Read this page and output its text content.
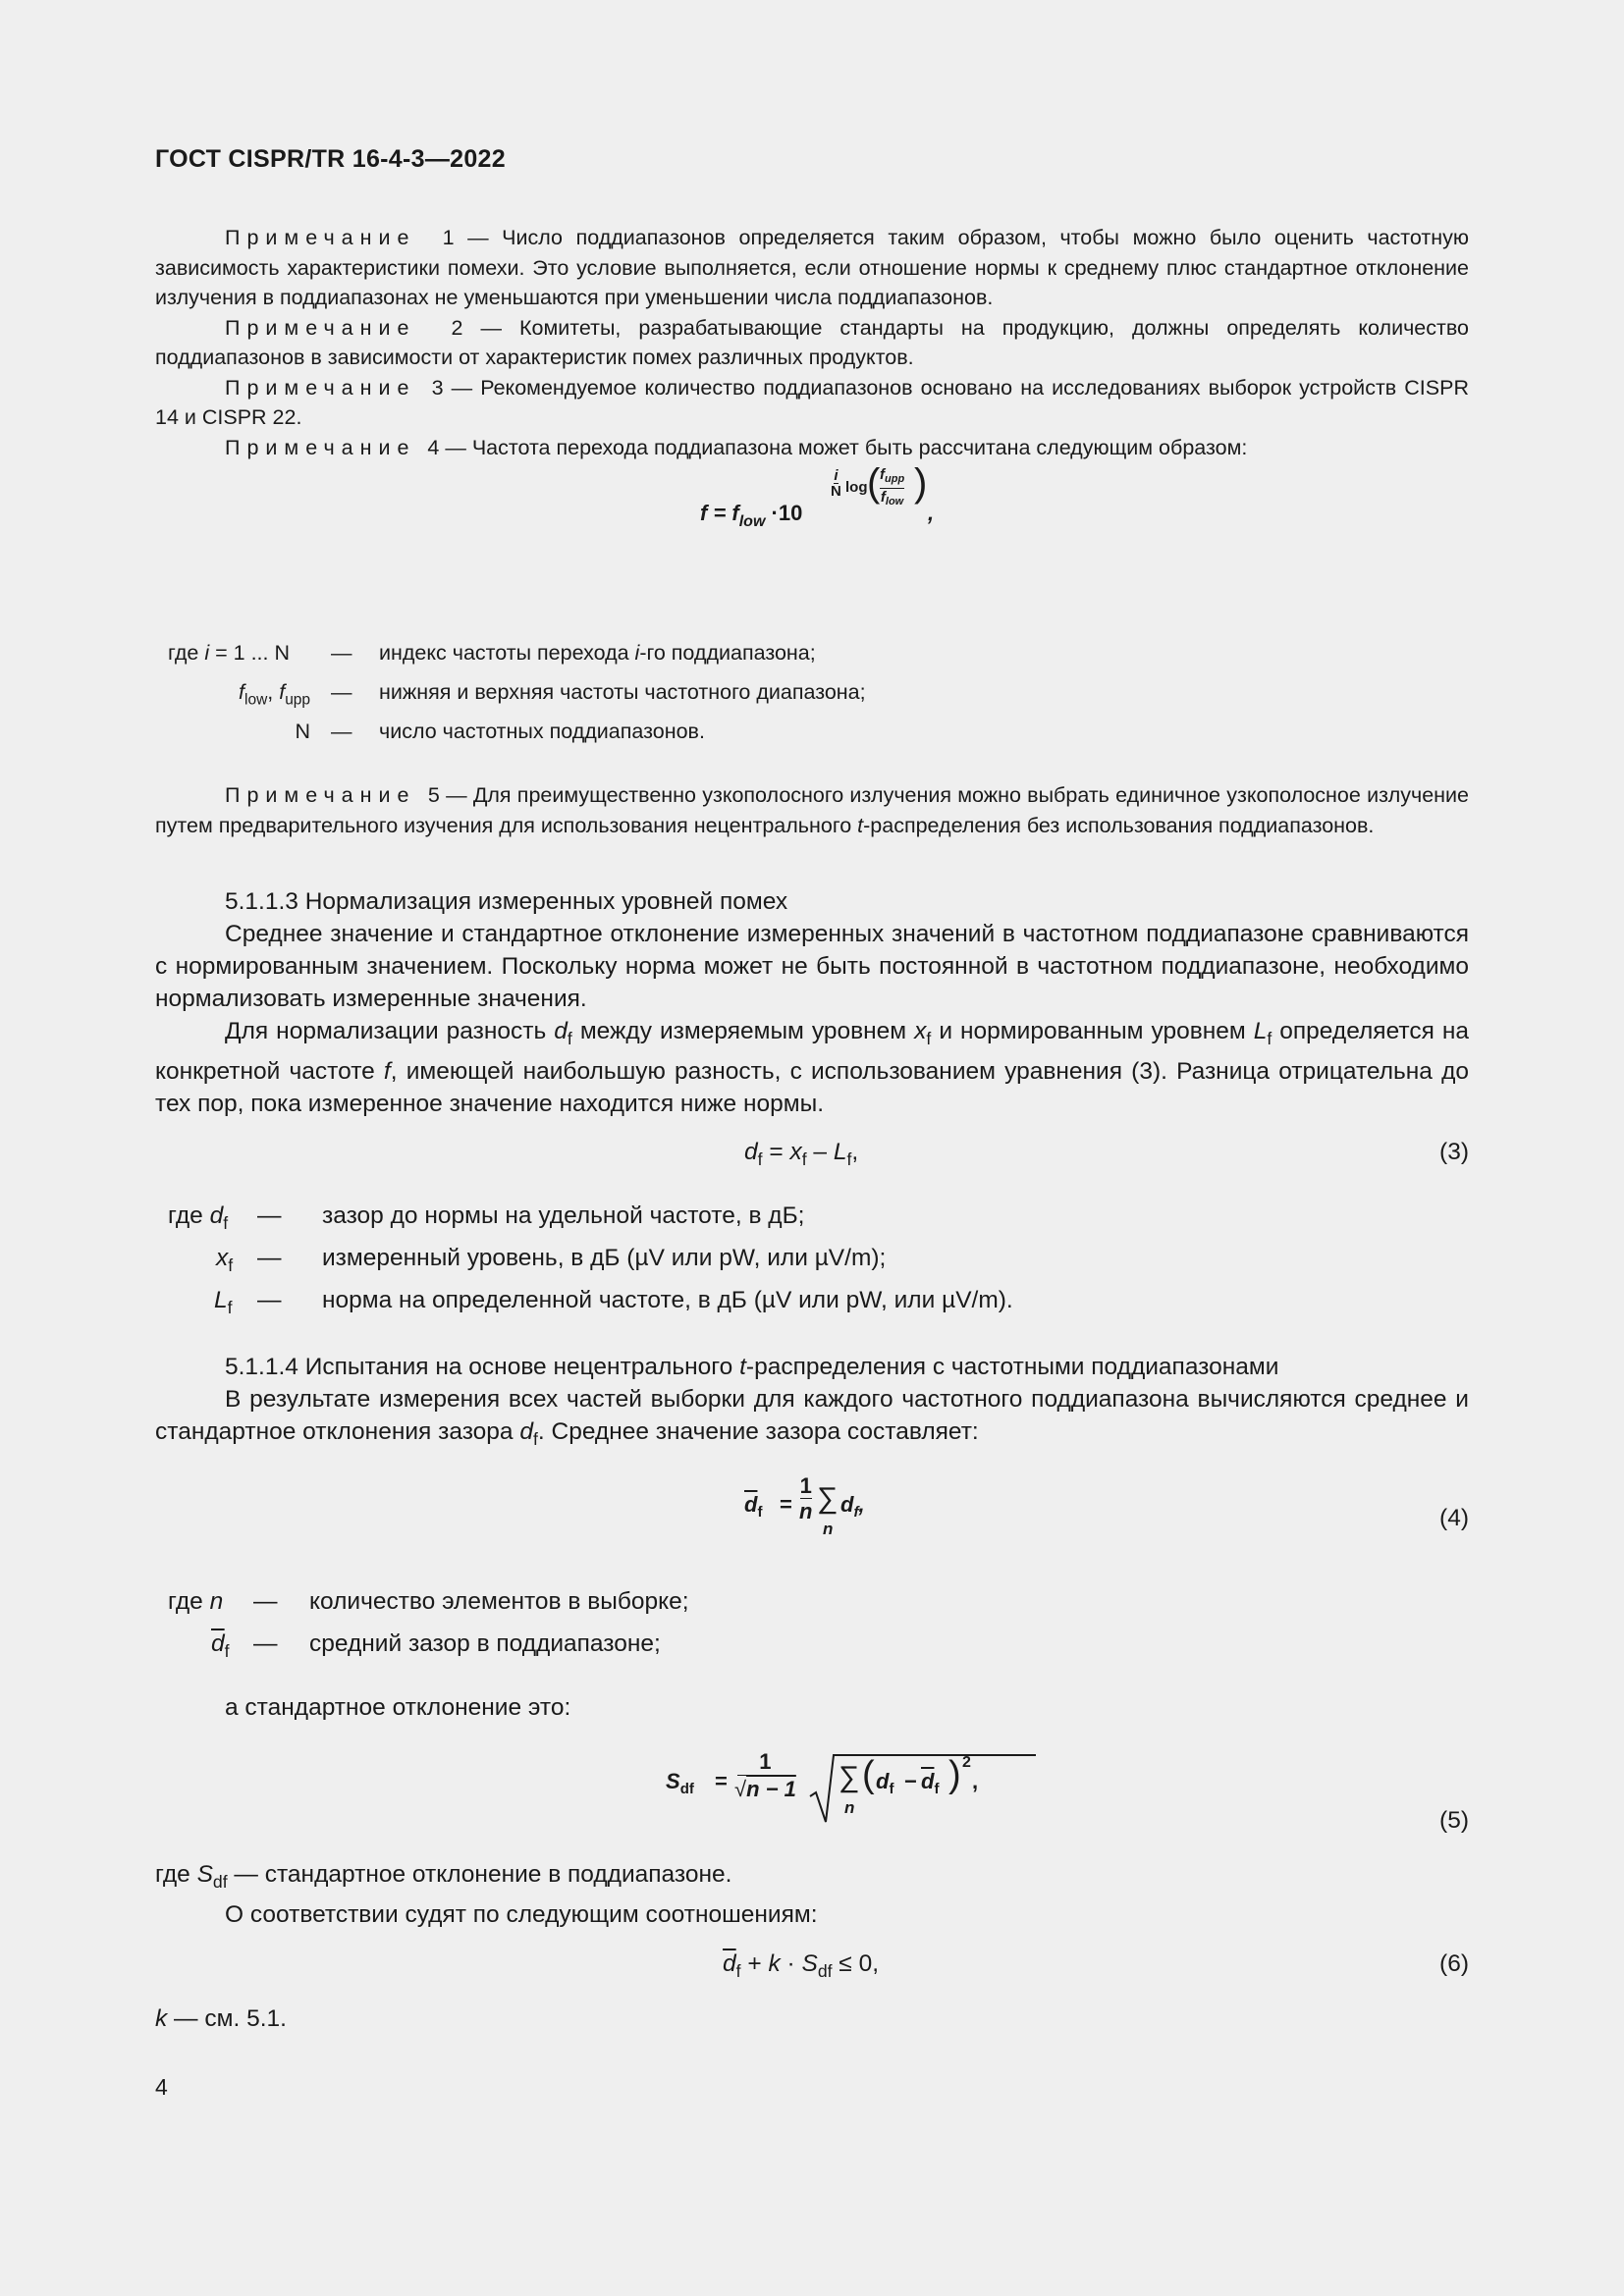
ГОСТ CISPR/TR 16-4-3—2022

Примечание 1 — Число поддиапазонов определяется таким образом, чтобы можно было оценить частотную зависимость характеристики помехи. Это условие выполняется, если отношение нормы к среднему плюс стандартное отклонение излучения в поддиапазонах не уменьшаются при уменьшении числа поддиапазонов.

Примечание 2 — Комитеты, разрабатывающие стандарты на продукцию, должны определять количество поддиапазонов в зависимости от характеристик помех различных продуктов.

Примечание 3 — Рекомендуемое количество поддиапазонов основано на исследованиях выборок устройств CISPR 14 и CISPR 22.

Примечание 4 — Частота перехода поддиапазона может быть рассчитана следующим образом:

$f = f_{low} \cdot 10$
i
N log ( $f_{upp}$
$f_{low}$ )
,
где i = 1 ... N	— индекс частоты перехода i-го поддиапазона;
$f_{low}$, $f_{upp}$ — нижняя и верхняя частоты частотного диапазона;
N — число частотных поддиапазонов.

Примечание 5 — Для преимущественно узкополосного излучения можно выбрать единичное узкополосное излучение путем предварительного изучения для использования нецентрального t-распределения без использования поддиапазонов.

5.1.1.3 Нормализация измеренных уровней помех

Среднее значение и стандартное отклонение измеренных значений в частотном поддиапазоне сравниваются с нормированным значением. Поскольку норма может не быть постоянной в частотном поддиапазоне, необходимо нормализовать измеренные значения.

Для нормализации разность $d_f$ между измеряемым уровнем $x_f$ и нормированным уровнем $L_f$ определяется на конкретной частоте f, имеющей наибольшую разность, с использованием уравнения (3). Разница отрицательна до тех пор, пока измеренное значение находится ниже нормы.

$d_f = x_f - L_f$,	(3)
где $d_f$ — зазор до нормы на удельной частоте, в дБ;
$x_f$ — измеренный уровень, в дБ (µV или pW, или µV/m);
$L_f$ — норма на определенной частоте, в дБ (µV или pW, или µV/m).

5.1.1.4 Испытания на основе нецентрального t-распределения с частотными поддиапазонами

В результате измерения всех частей выборки для каждого частотного поддиапазона вычисляются среднее и стандартное отклонения зазора $d_f$. Среднее значение зазора составляет:

$\overline{d}_f$ =
1
n ∑
n
$d_f$,
(4)
где n — количество элементов в выборке;
$\overline{d}_f$ — средний зазор в поддиапазоне;

а стандартное отклонение это:

$S_{df}$ =
1
√n − 1 ∑
n
( $d_f - \overline{d}_f$ ) 2
,
(5)

где $S_{df}$ — стандартное отклонение в поддиапазоне.

О соответствии судят по следующим соотношениям:

$\overline{d}_f + k \cdot S_{df} \le 0$,	(6)

k — см. 5.1.

4
